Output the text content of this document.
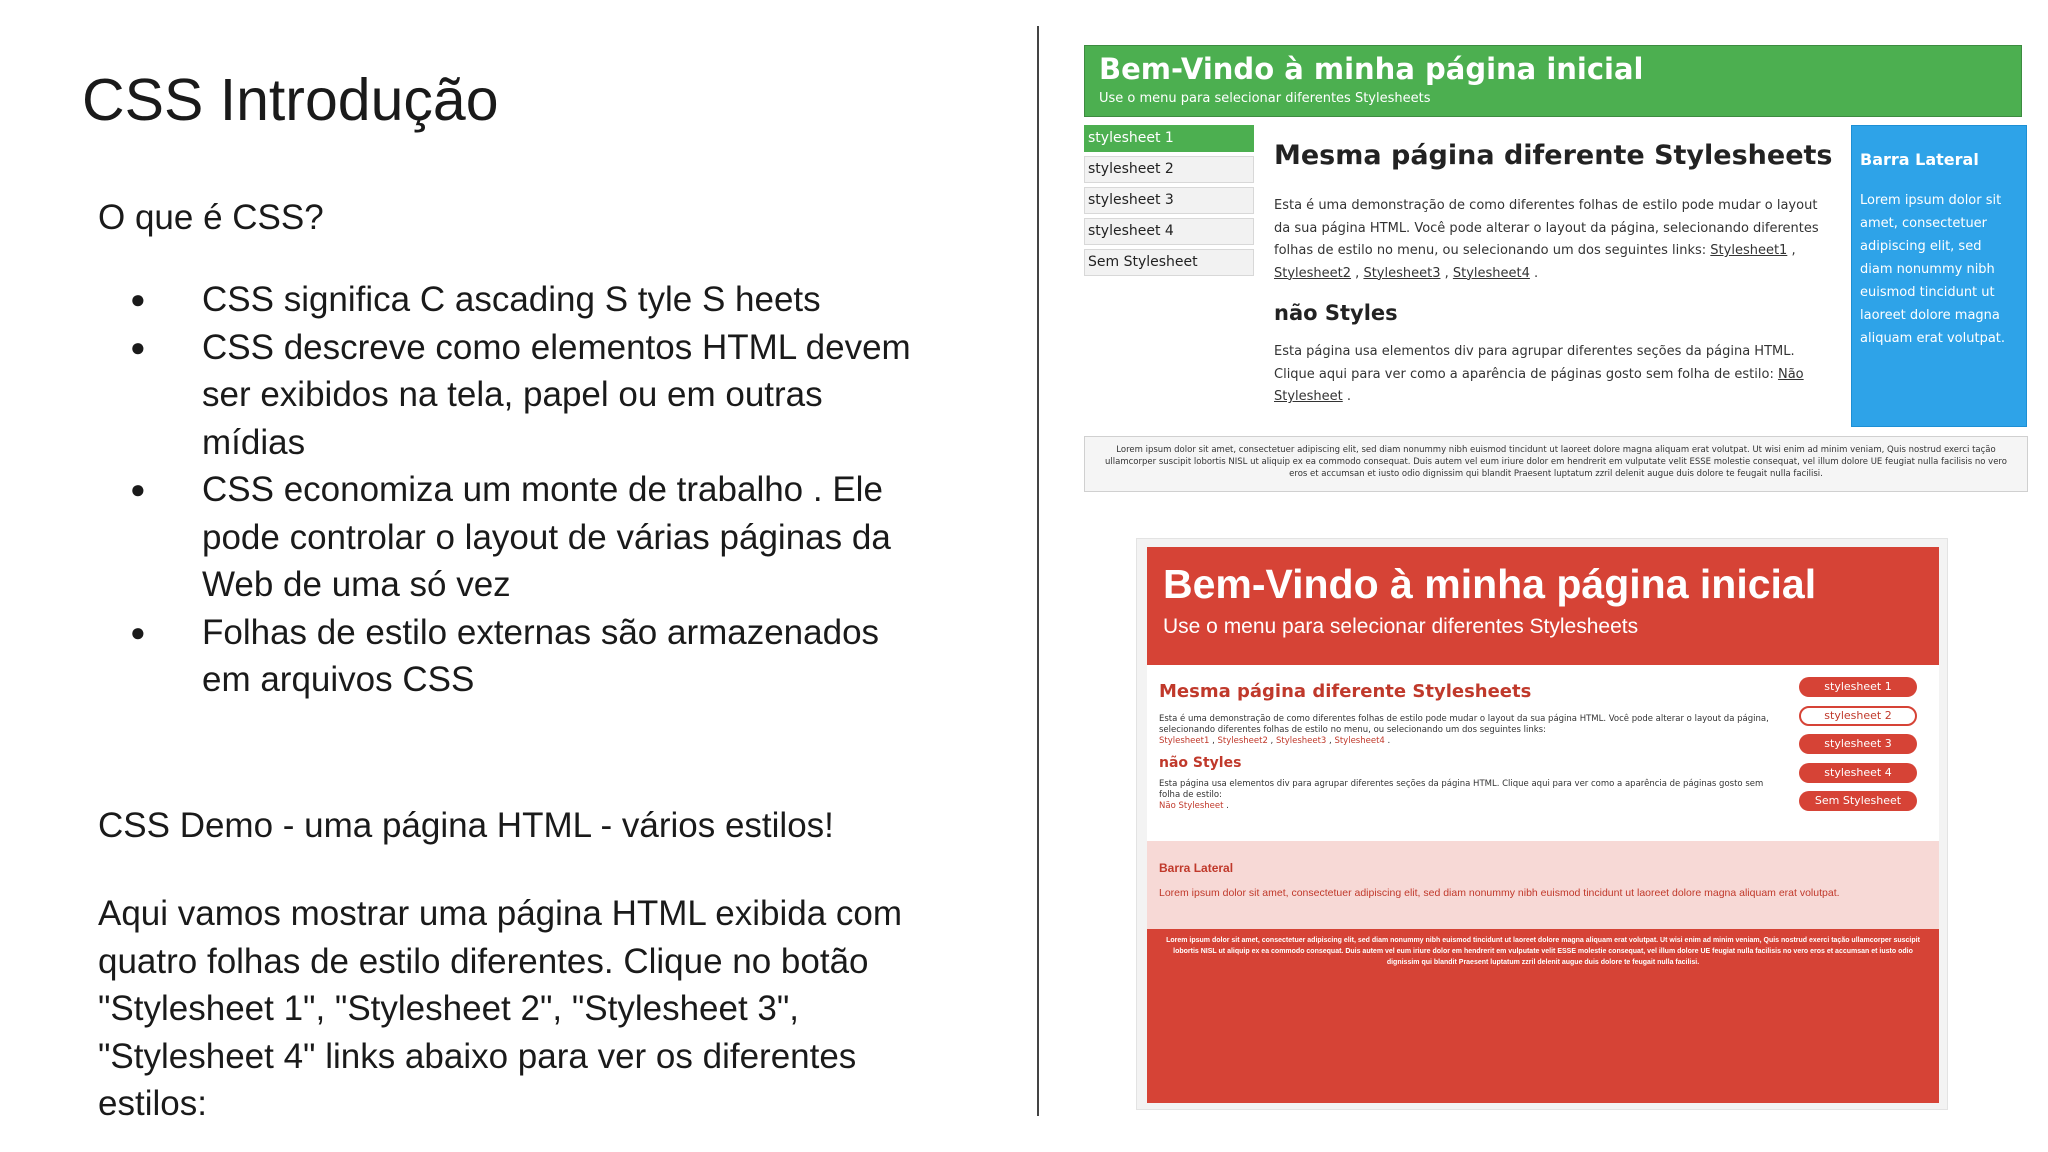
CSS Introdução

O que é CSS?

● CSS significa C ascading S tyle S heets
● CSS descreve como elementos HTML devem ser exibidos na tela, papel ou em outras mídias
● CSS economiza um monte de trabalho . Ele pode controlar o layout de várias páginas da Web de uma só vez
● Folhas de estilo externas são armazenados em arquivos CSS

CSS Demo - uma página HTML - vários estilos!

Aqui vamos mostrar uma página HTML exibida com quatro folhas de estilo diferentes. Clique no botão "Stylesheet 1", "Stylesheet 2", "Stylesheet 3", "Stylesheet 4" links abaixo para ver os diferentes estilos:

Bem-Vindo à minha página inicial
Use o menu para selecionar diferentes Stylesheets
stylesheet 1
stylesheet 2
stylesheet 3
stylesheet 4
Sem Stylesheet
Mesma página diferente Stylesheets

Esta é uma demonstração de como diferentes folhas de estilo pode mudar o layout da sua página HTML. Você pode alterar o layout da página, selecionando diferentes folhas de estilo no menu, ou selecionando um dos seguintes links: Stylesheet1 , Stylesheet2 , Stylesheet3 , Stylesheet4 .

não Styles

Esta página usa elementos div para agrupar diferentes seções da página HTML. Clique aqui para ver como a aparência de páginas gosto sem folha de estilo: Não Stylesheet .

Barra Lateral

Lorem ipsum dolor sit amet, consectetuer adipiscing elit, sed diam nonummy nibh euismod tincidunt ut laoreet dolore magna aliquam erat volutpat.

Lorem ipsum dolor sit amet, consectetuer adipiscing elit, sed diam nonummy nibh euismod tincidunt ut laoreet dolore magna aliquam erat volutpat. Ut wisi enim ad minim veniam, Quis nostrud exerci tação ullamcorper suscipit lobortis NISL ut aliquip ex ea commodo consequat. Duis autem vel eum iriure dolor em hendrerit em vulputate velit ESSE molestie consequat, vel illum dolore UE feugiat nulla facilisis no vero eros et accumsan et iusto odio dignissim qui blandit Praesent luptatum zzril delenit augue duis dolore te feugait nulla facilisi.
Bem-Vindo à minha página inicial
Use o menu para selecionar diferentes Stylesheets
Mesma página diferente Stylesheets

Esta é uma demonstração de como diferentes folhas de estilo pode mudar o layout da sua página HTML. Você pode alterar o layout da página, selecionando diferentes folhas de estilo no menu, ou selecionando um dos seguintes links:
Stylesheet1 , Stylesheet2 , Stylesheet3 , Stylesheet4 .

não Styles

Esta página usa elementos div para agrupar diferentes seções da página HTML. Clique aqui para ver como a aparência de páginas gosto sem folha de estilo:
Não Stylesheet .

stylesheet 1
stylesheet 2
stylesheet 3
stylesheet 4
Sem Stylesheet
Barra Lateral
Lorem ipsum dolor sit amet, consectetuer adipiscing elit, sed diam nonummy nibh euismod tincidunt ut laoreet dolore magna aliquam erat volutpat.
Lorem ipsum dolor sit amet, consectetuer adipiscing elit, sed diam nonummy nibh euismod tincidunt ut laoreet dolore magna aliquam erat volutpat. Ut wisi enim ad minim veniam, Quis nostrud exerci tação ullamcorper suscipit lobortis NISL ut aliquip ex ea commodo consequat. Duis autem vel eum iriure dolor em hendrerit em vulputate velit ESSE molestie consequat, vel illum dolore UE feugiat nulla facilisis no vero eros et accumsan et iusto odio dignissim qui blandit Praesent luptatum zzril delenit augue duis dolore te feugait nulla facilisi.
